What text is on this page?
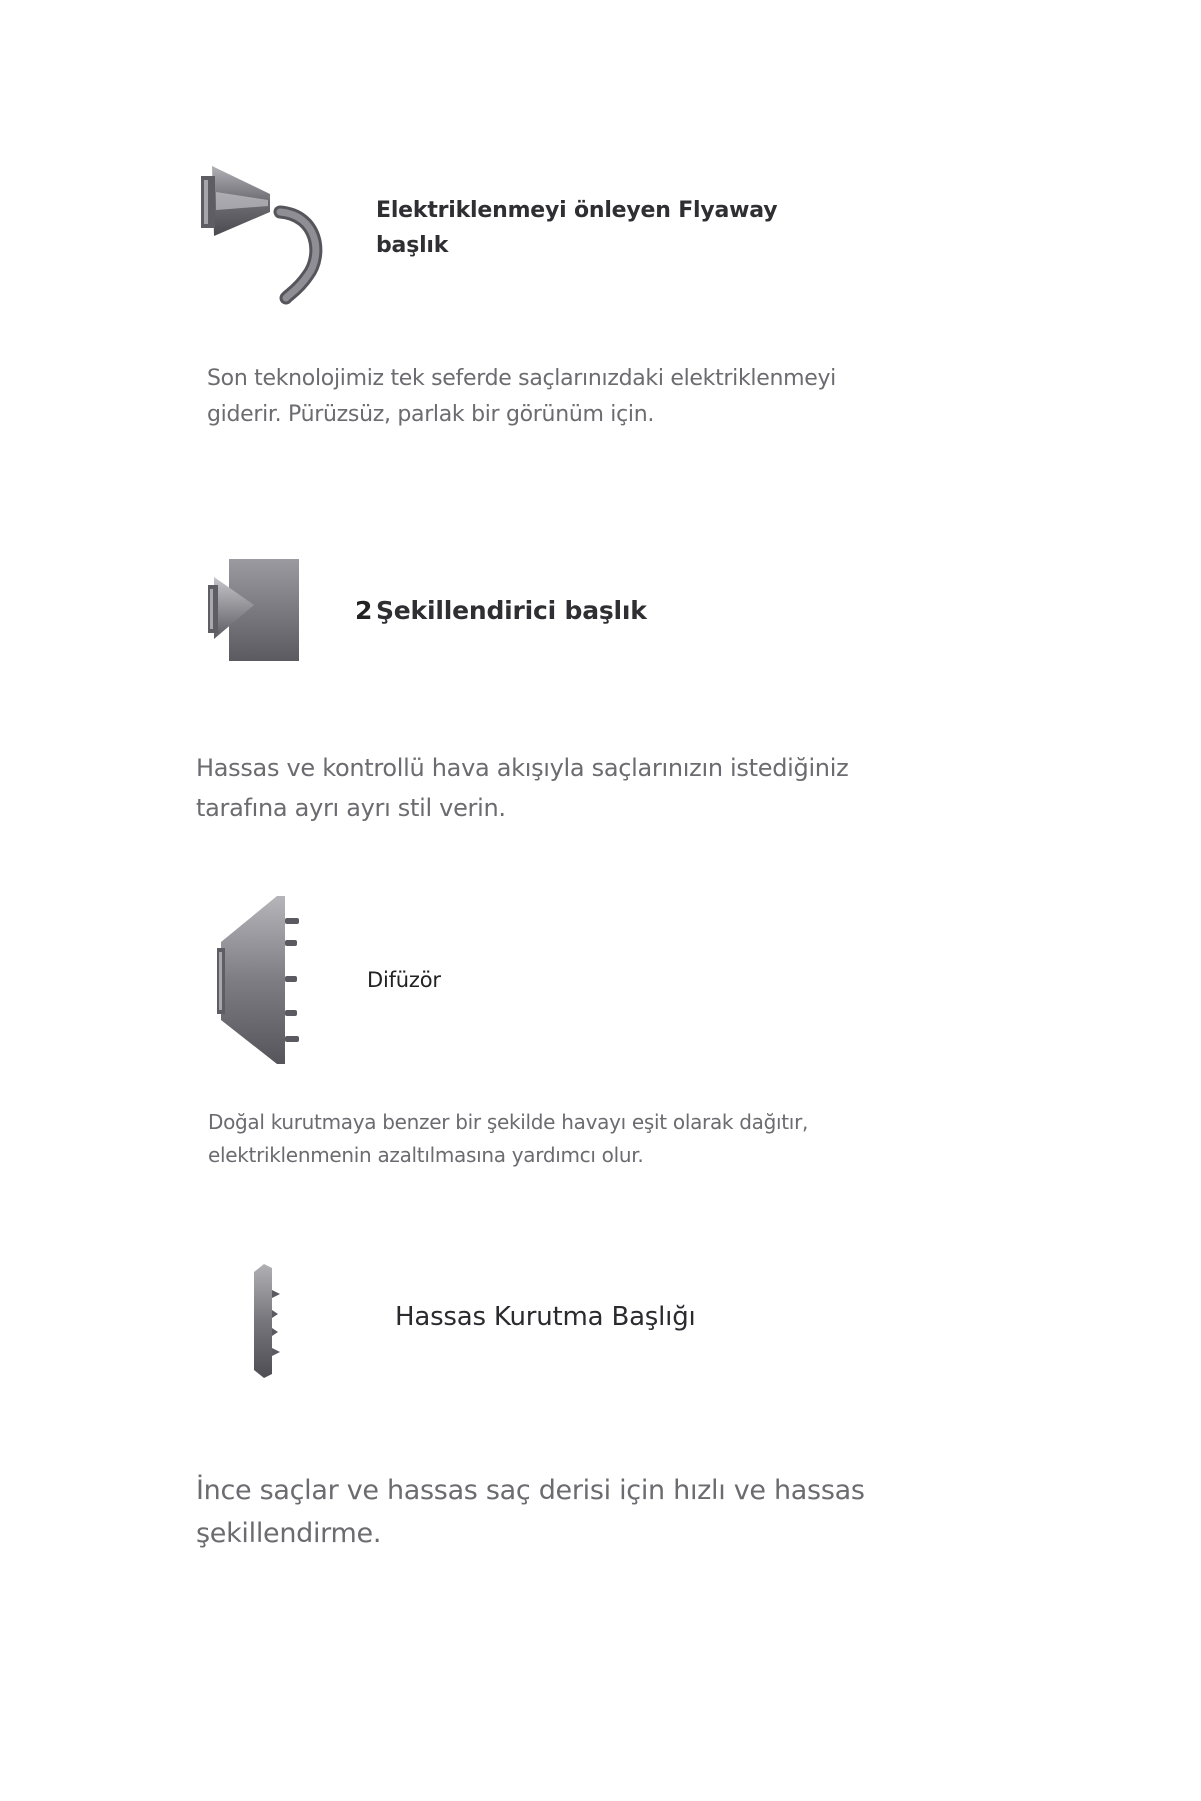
Elektriklenmeyi önleyen Flyaway
başlık
Son teknolojimiz tek seferde saçlarınızdaki elektriklenmeyi
giderir. Pürüzsüz, parlak bir görünüm için.
2 Şekillendirici başlık
Hassas ve kontrollü hava akışıyla saçlarınızın istediğiniz
tarafına ayrı ayrı stil verin.
Difüzör
Doğal kurutmaya benzer bir şekilde havayı eşit olarak dağıtır,
elektriklenmenin azaltılmasına yardımcı olur.
Hassas Kurutma Başlığı
İnce saçlar ve hassas saç derisi için hızlı ve hassas
şekillendirme.
